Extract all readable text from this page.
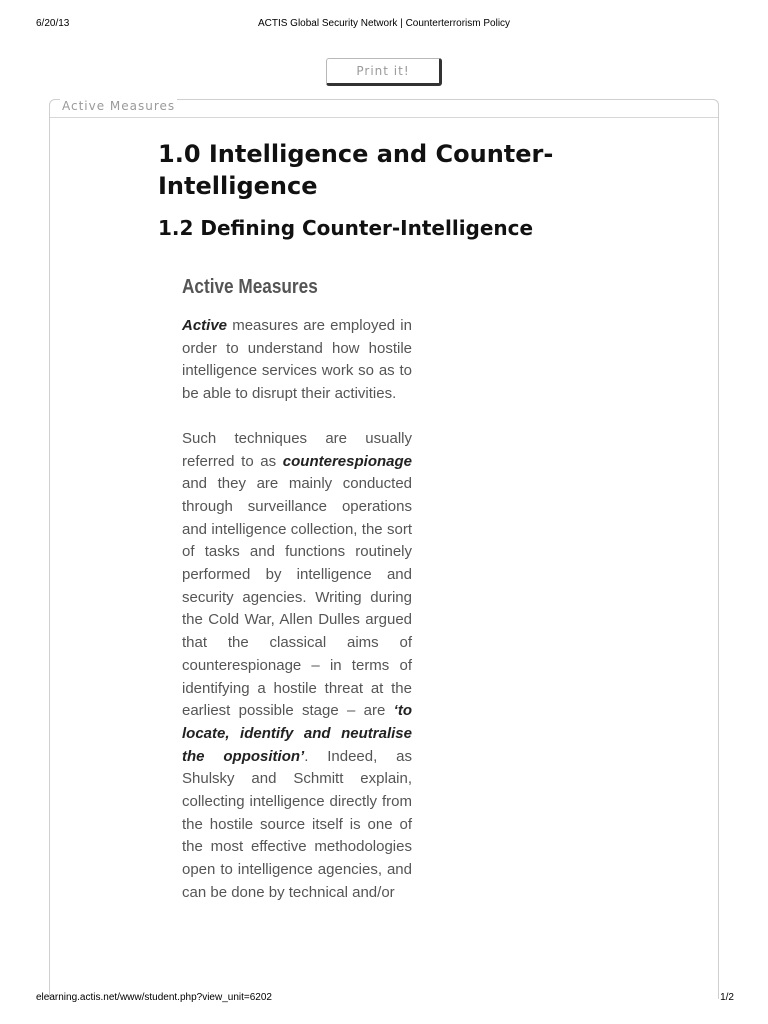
6/20/13	ACTIS Global Security Network | Counterterrorism Policy
Print it!
Active Measures
1.0 Intelligence and Counter-Intelligence
1.2 Defining Counter-Intelligence
Active Measures

Active measures are employed in order to understand how hostile intelligence services work so as to be able to disrupt their activities.

Such techniques are usually referred to as counterespionage and they are mainly conducted through surveillance operations and intelligence collection, the sort of tasks and functions routinely performed by intelligence and security agencies. Writing during the Cold War, Allen Dulles argued that the classical aims of counterespionage – in terms of identifying a hostile threat at the earliest possible stage – are ‘to locate, identify and neutralise the opposition’. Indeed, as Shulsky and Schmitt explain, collecting intelligence directly from the hostile source itself is one of the most effective methodologies open to intelligence agencies, and can be done by technical and/or

elearning.actis.net/www/student.php?view_unit=6202	1/2
